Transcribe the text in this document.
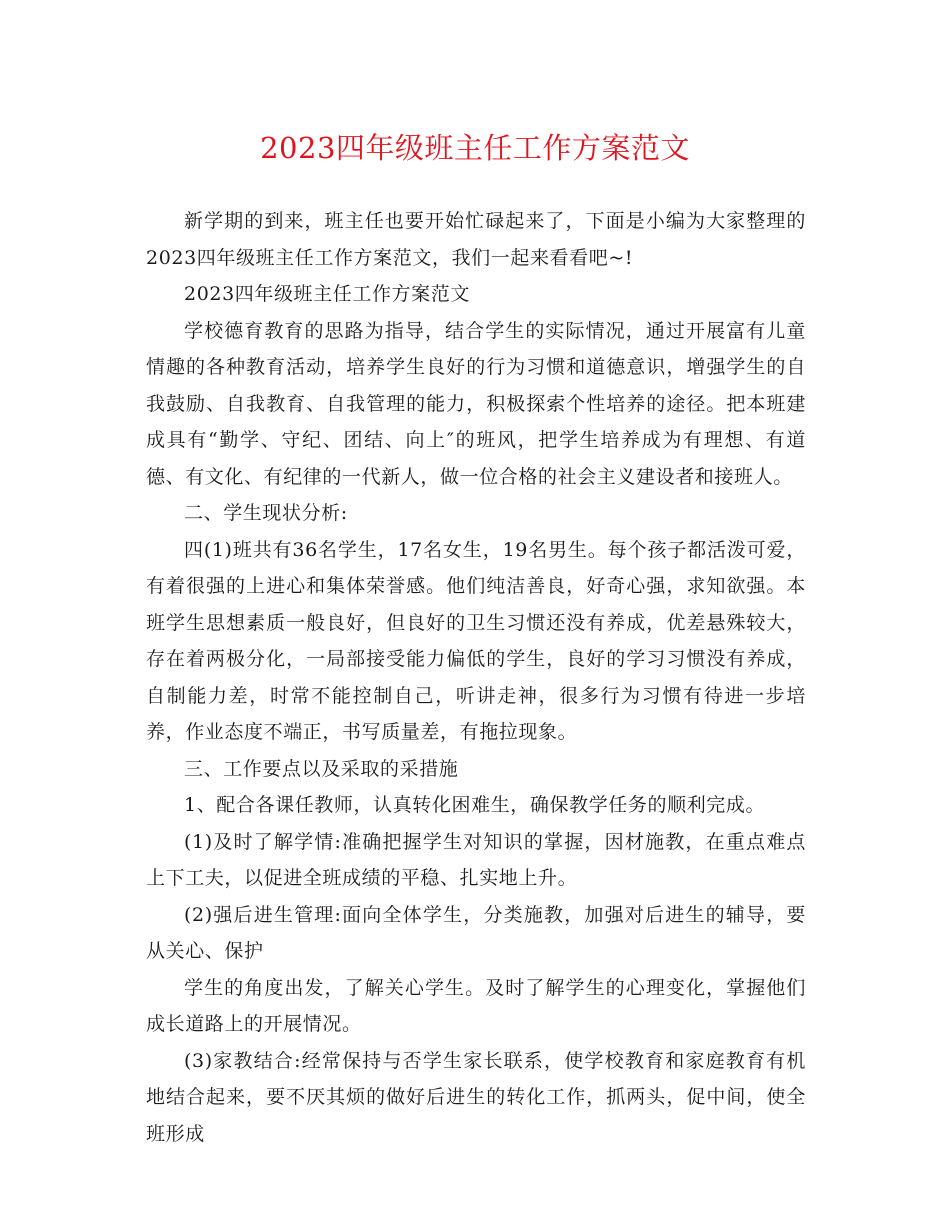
2023四年级班主任工作方案范文

新学期的到来，班主任也要开始忙碌起来了，下面是小编为大家整理的2023四年级班主任工作方案范文，我们一起来看看吧~!

2023四年级班主任工作方案范文

学校德育教育的思路为指导，结合学生的实际情况，通过开展富有儿童情趣的各种教育活动，培养学生良好的行为习惯和道德意识，增强学生的自我鼓励、自我教育、自我管理的能力，积极探索个性培养的途径。把本班建成具有“勤学、守纪、团结、向上″的班风，把学生培养成为有理想、有道德、有文化、有纪律的一代新人，做一位合格的社会主义建设者和接班人。

二、学生现状分析:

四(1)班共有36名学生，17名女生，19名男生。每个孩子都活泼可爱，有着很强的上进心和集体荣誉感。他们纯洁善良，好奇心强，求知欲强。本班学生思想素质一般良好，但良好的卫生习惯还没有养成，优差悬殊较大，存在着两极分化，一局部接受能力偏低的学生，良好的学习习惯没有养成，自制能力差，时常不能控制自己，听讲走神，很多行为习惯有待进一步培养，作业态度不端正，书写质量差，有拖拉现象。

三、工作要点以及采取的采措施

1、配合各课任教师，认真转化困难生，确保教学任务的顺利完成。

(1)及时了解学情:准确把握学生对知识的掌握，因材施教，在重点难点上下工夫，以促进全班成绩的平稳、扎实地上升。

(2)强后进生管理:面向全体学生，分类施教，加强对后进生的辅导，要从关心、保护

学生的角度出发，了解关心学生。及时了解学生的心理变化，掌握他们成长道路上的开展情况。

(3)家教结合:经常保持与否学生家长联系，使学校教育和家庭教育有机地结合起来，要不厌其烦的做好后进生的转化工作，抓两头，促中间，使全班形成
